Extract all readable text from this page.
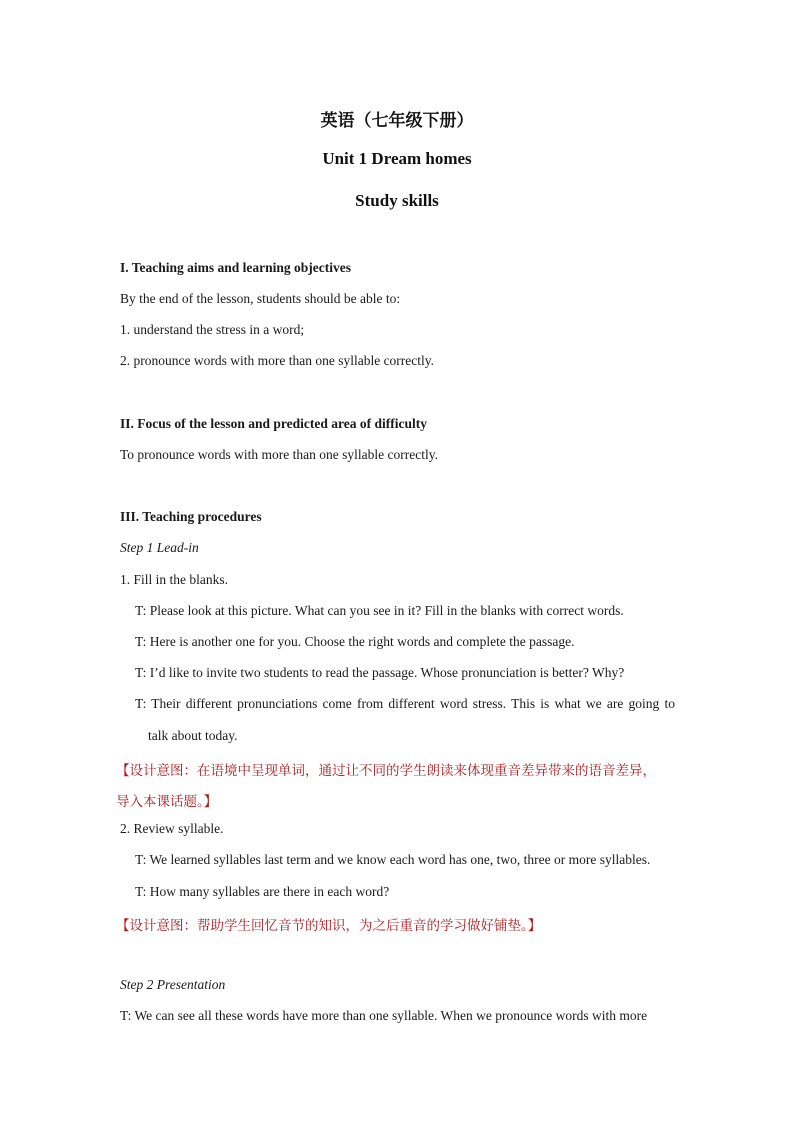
英语（七年级下册）
Unit 1 Dream homes
Study skills
I. Teaching aims and learning objectives
By the end of the lesson, students should be able to:
1. understand the stress in a word;
2. pronounce words with more than one syllable correctly.
II. Focus of the lesson and predicted area of difficulty
To pronounce words with more than one syllable correctly.
III. Teaching procedures
Step 1 Lead-in
1. Fill in the blanks.
T: Please look at this picture. What can you see in it? Fill in the blanks with correct words.
T: Here is another one for you. Choose the right words and complete the passage.
T: I’d like to invite two students to read the passage. Whose pronunciation is better? Why?
T: Their different pronunciations come from different word stress. This is what we are going to
talk about today.
【设计意图：在语境中呈现单词，通过让不同的学生朗读来体现重音差异带来的语音差异，
导入本课话题。】
2. Review syllable.
T: We learned syllables last term and we know each word has one, two, three or more syllables.
T: How many syllables are there in each word?
【设计意图：帮助学生回忆音节的知识，为之后重音的学习做好铺垫。】
Step 2 Presentation
T: We can see all these words have more than one syllable. When we pronounce words with more
